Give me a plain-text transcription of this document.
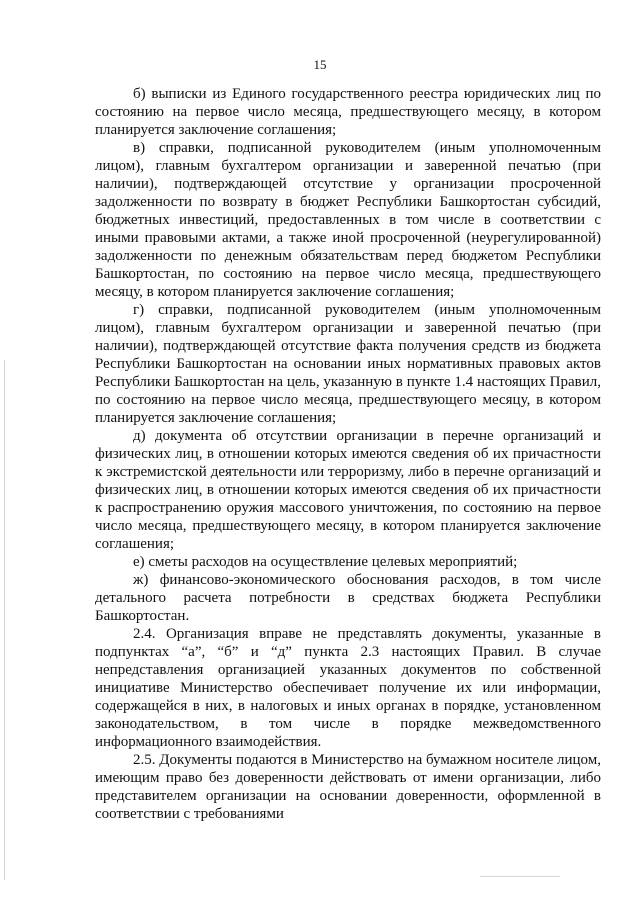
15

б) выписки из Единого государственного реестра юридических лиц по состоянию на первое число месяца, предшествующего месяцу, в котором планируется заключение соглашения;

в) справки, подписанной руководителем (иным уполномоченным лицом), главным бухгалтером организации и заверенной печатью (при наличии), подтверждающей отсутствие у организации просроченной задолженности по возврату в бюджет Республики Башкортостан субсидий, бюджетных инвестиций, предоставленных в том числе в соответствии с иными правовыми актами, а также иной просроченной (неурегулированной) задолженности по денежным обязательствам перед бюджетом Республики Башкортостан, по состоянию на первое число месяца, предшествующего месяцу, в котором планируется заключение соглашения;

г) справки, подписанной руководителем (иным уполномоченным лицом), главным бухгалтером организации и заверенной печатью (при наличии), подтверждающей отсутствие факта получения средств из бюджета Республики Башкортостан на основании иных нормативных правовых актов Республики Башкортостан на цель, указанную в пункте 1.4 настоящих Правил, по состоянию на первое число месяца, предшествующего месяцу, в котором планируется заключение соглашения;

д) документа об отсутствии организации в перечне организаций и физических лиц, в отношении которых имеются сведения об их причастности к экстремистской деятельности или терроризму, либо в перечне организаций и физических лиц, в отношении которых имеются сведения об их причастности к распространению оружия массового уничтожения, по состоянию на первое число месяца, предшествующего месяцу, в котором планируется заключение соглашения;

е) сметы расходов на осуществление целевых мероприятий;

ж) финансово-экономического обоснования расходов, в том числе детального расчета потребности в средствах бюджета Республики Башкортостан.

2.4. Организация вправе не представлять документы, указанные в подпунктах “а”, “б” и “д” пункта 2.3 настоящих Правил. В случае непредставления организацией указанных документов по собственной инициативе Министерство обеспечивает получение их или информации, содержащейся в них, в налоговых и иных органах в порядке, установленном законодательством, в том числе в порядке межведомственного информационного взаимодействия.

2.5. Документы подаются в Министерство на бумажном носителе лицом, имеющим право без доверенности действовать от имени организации, либо представителем организации на основании доверенности, оформленной в соответствии с требованиями
